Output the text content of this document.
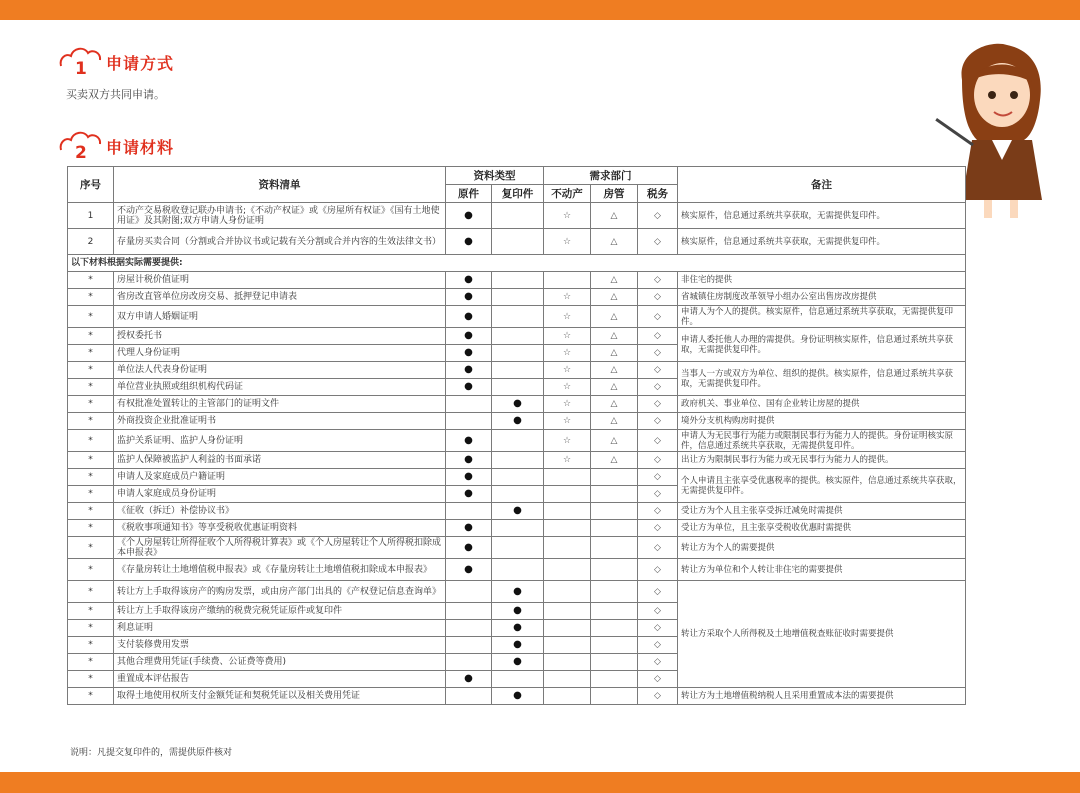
1 申请方式
买卖双方共同申请。
2 申请材料
序号	资料清单	资料类型		需求部门			备注
		原件	复印件	不动产	房管	税务	
1	不动产交易税收登记联办申请书;《不动产权证》或《房屋所有权证》《国有土地使用证》及其附图;双方申请人身份证明	●		☆	△	◇	核实原件，信息通过系统共享获取，无需提供复印件。
2	存量房买卖合同（分割或合并协议书或记载有关分割或合并内容的生效法律文书）	●		☆	△	◇	核实原件，信息通过系统共享获取，无需提供复印件。
以下材料根据实际需要提供:							
*	房屋计税价值证明	●			△	◇	非住宅的提供
*	省房改直管单位房改房交易、抵押登记申请表	●		☆	△	◇	省城镇住房制度改革领导小组办公室出售房改房提供
*	双方申请人婚姻证明	●		☆	△	◇	申请人为个人的提供。核实原件，信息通过系统共享获取，无需提供复印件。
*	授权委托书	●		☆	△	◇	申请人委托他人办理的需提供。身份证明核实原件，信息通过系统共享获取，无需提供复印件。
*	代理人身份证明	●		☆	△	◇	
*	单位法人代表身份证明	●		☆	△	◇	当事人一方或双方为单位、组织的提供。核实原件，信息通过系统共享获取，无需提供复印件。
*	单位营业执照或组织机构代码证	●		☆	△	◇	
*	有权批准处置转让的主管部门的证明文件		●	☆	△	◇	政府机关、事业单位、国有企业转让房屋的提供
*	外商投资企业批准证明书		●	☆	△	◇	境外分支机构购房时提供
*	监护关系证明、监护人身份证明	●		☆	△	◇	申请人为无民事行为能力或限制民事行为能力人的提供。身份证明核实原件，信息通过系统共享获取，无需提供复印件。
*	监护人保障被监护人利益的书面承诺	●		☆	△	◇	出让方为限制民事行为能力或无民事行为能力人的提供。
*	申请人及家庭成员户籍证明	●				◇	个人申请且主张享受优惠税率的提供。核实原件，信息通过系统共享获取，无需提供复印件。
*	申请人家庭成员身份证明	●				◇	
*	《征收（拆迁）补偿协议书》		●			◇	受让方为个人且主张享受拆迁减免时需提供
*	《税收事项通知书》等享受税收优惠证明资料	●				◇	受让方为单位，且主张享受税收优惠时需提供
*	《个人房屋转让所得征收个人所得税计算表》或《个人房屋转让个人所得税扣除成本申报表》	●				◇	转让方为个人的需要提供
*	《存量房转让土地增值税申报表》或《存量房转让土地增值税扣除成本申报表》	●				◇	转让方为单位和个人转让非住宅的需要提供
*	转让方上手取得该房产的购房发票，或由房产部门出具的《产权登记信息查询单》		●			◇	转让方采取个人所得税及土地增值税查账征收时需要提供
*	转让方上手取得该房产缴纳的税费完税凭证原件或复印件		●			◇	
*	利息证明		●			◇	
*	支付装修费用发票		●			◇	
*	其他合理费用凭证(手续费、公证费等费用)		●			◇	
*	重置成本评估报告	●				◇	
*	取得土地使用权所支付金额凭证和契税凭证以及相关费用凭证		●			◇	转让方为土地增值税纳税人且采用重置成本法的需要提供
说明：凡提交复印件的，需提供原件核对
